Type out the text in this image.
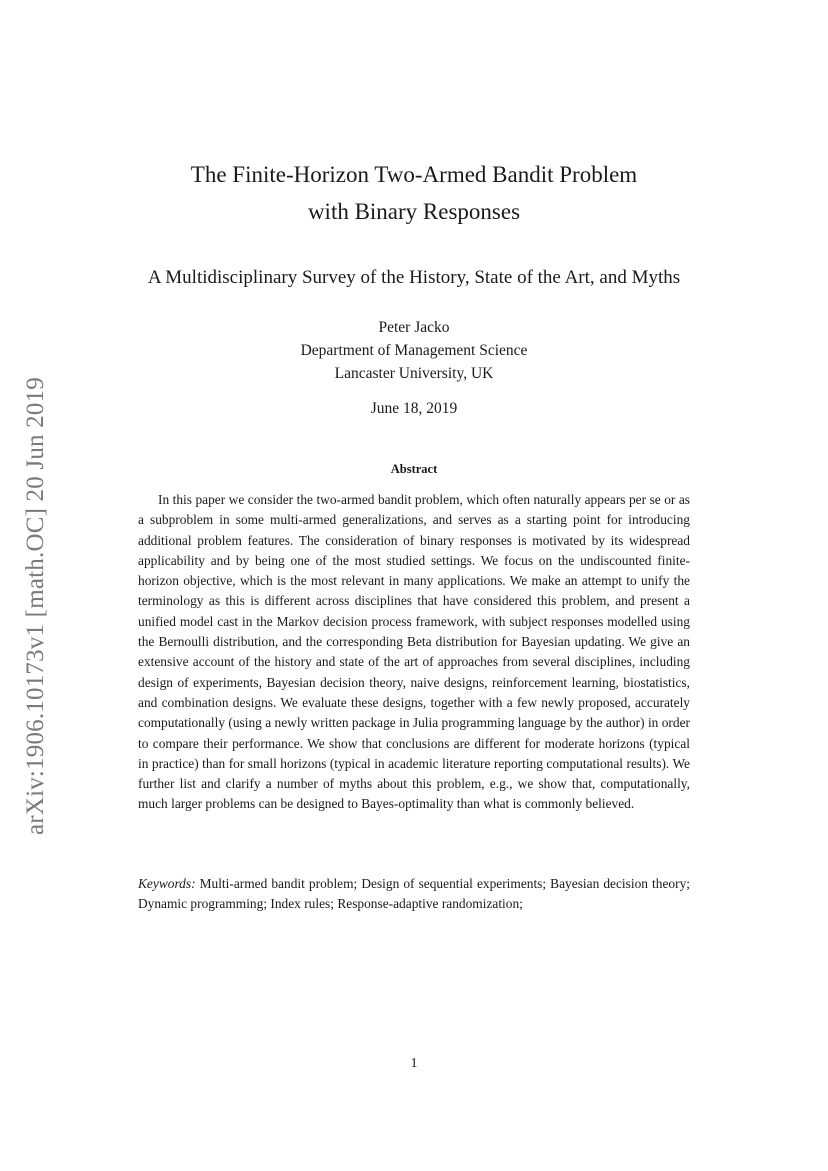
arXiv:1906.10173v1 [math.OC] 20 Jun 2019
The Finite-Horizon Two-Armed Bandit Problem
with Binary Responses
A Multidisciplinary Survey of the History, State of the Art, and Myths
Peter Jacko
Department of Management Science
Lancaster University, UK
June 18, 2019
Abstract

In this paper we consider the two-armed bandit problem, which often naturally appears per se or as a subproblem in some multi-armed generalizations, and serves as a starting point for introducing additional problem features. The consideration of binary responses is motivated by its widespread applicability and by being one of the most studied settings. We focus on the undiscounted finite-horizon objective, which is the most relevant in many applications. We make an attempt to unify the terminology as this is different across disciplines that have considered this problem, and present a unified model cast in the Markov decision process framework, with subject responses modelled using the Bernoulli distribution, and the corresponding Beta distribution for Bayesian updating. We give an extensive account of the history and state of the art of approaches from several disciplines, including design of experiments, Bayesian decision theory, naive designs, reinforcement learning, biostatistics, and combination designs. We evaluate these designs, together with a few newly proposed, accurately computationally (using a newly written package in Julia programming language by the author) in order to compare their performance. We show that conclusions are different for moderate horizons (typical in practice) than for small horizons (typical in academic literature reporting computational results). We further list and clarify a number of myths about this problem, e.g., we show that, computationally, much larger problems can be designed to Bayes-optimality than what is commonly believed.

Keywords: Multi-armed bandit problem; Design of sequential experiments; Bayesian decision theory; Dynamic programming; Index rules; Response-adaptive randomization;

1
